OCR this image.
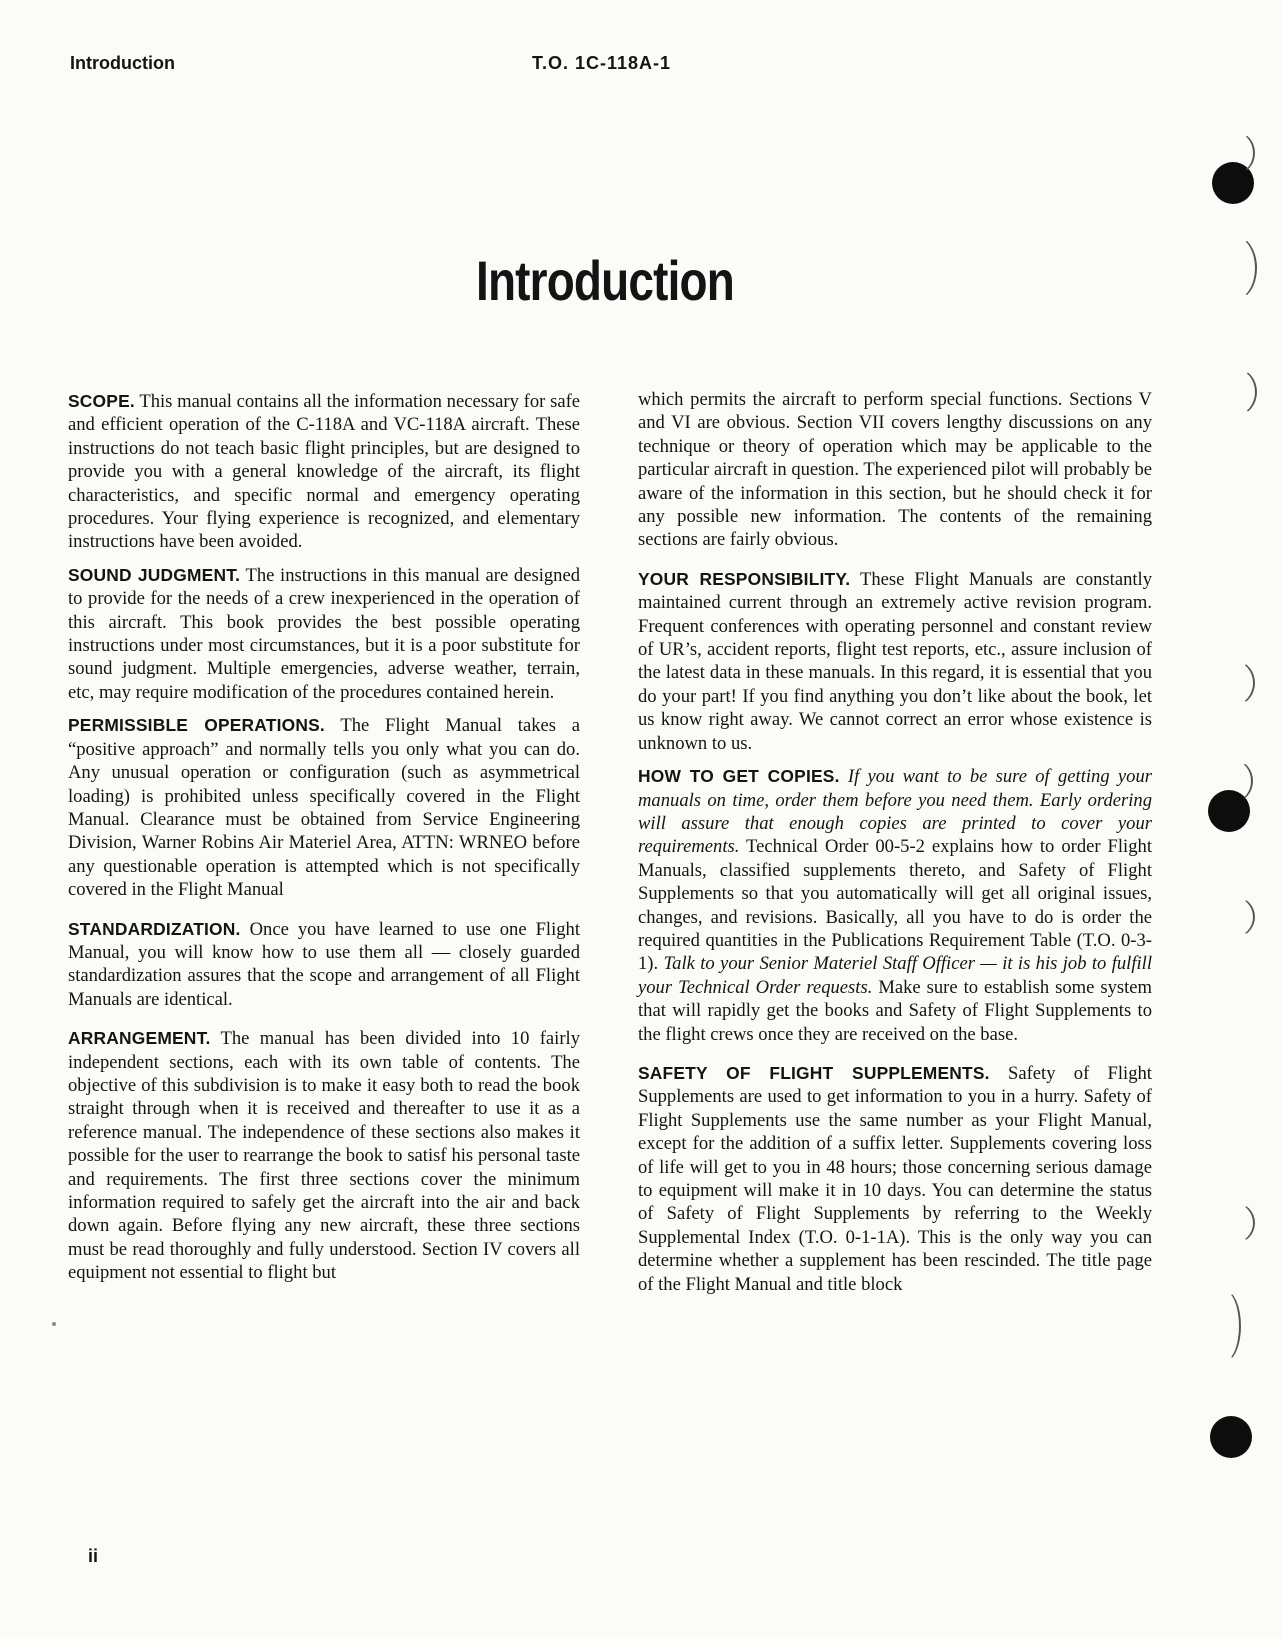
Introduction	T.O. 1C-118A-1
Introduction

SCOPE. This manual contains all the information necessary for safe and efficient operation of the C-118A and VC-118A aircraft. These instructions do not teach basic flight principles, but are designed to provide you with a general knowledge of the aircraft, its flight characteristics, and specific normal and emergency operating procedures. Your flying experience is recognized, and elementary instructions have been avoided.

SOUND JUDGMENT. The instructions in this manual are designed to provide for the needs of a crew inexperienced in the operation of this aircraft. This book provides the best possible operating instructions under most circumstances, but it is a poor substitute for sound judgment. Multiple emergencies, adverse weather, terrain, etc, may require modification of the procedures contained herein.

PERMISSIBLE OPERATIONS. The Flight Manual takes a “positive approach” and normally tells you only what you can do. Any unusual operation or configuration (such as asymmetrical loading) is prohibited unless specifically covered in the Flight Manual. Clearance must be obtained from Service Engineering Division, Warner Robins Air Materiel Area, ATTN: WRNEO before any questionable operation is attempted which is not specifically covered in the Flight Manual

STANDARDIZATION. Once you have learned to use one Flight Manual, you will know how to use them all — closely guarded standardization assures that the scope and arrangement of all Flight Manuals are identical.

ARRANGEMENT. The manual has been divided into 10 fairly independent sections, each with its own table of contents. The objective of this subdivision is to make it easy both to read the book straight through when it is received and thereafter to use it as a reference manual. The independence of these sections also makes it possible for the user to rearrange the book to satisf his personal taste and requirements. The first three sections cover the minimum information required to safely get the aircraft into the air and back down again. Before flying any new aircraft, these three sections must be read thoroughly and fully understood. Section IV covers all equipment not essential to flight but

which permits the aircraft to perform special functions. Sections V and VI are obvious. Section VII covers lengthy discussions on any technique or theory of operation which may be applicable to the particular aircraft in question. The experienced pilot will probably be aware of the information in this section, but he should check it for any possible new information. The contents of the remaining sections are fairly obvious.

YOUR RESPONSIBILITY. These Flight Manuals are constantly maintained current through an extremely active revision program. Frequent conferences with operating personnel and constant review of UR’s, accident reports, flight test reports, etc., assure inclusion of the latest data in these manuals. In this regard, it is essential that you do your part! If you find anything you don’t like about the book, let us know right away. We cannot correct an error whose existence is unknown to us.

HOW TO GET COPIES. If you want to be sure of getting your manuals on time, order them before you need them. Early ordering will assure that enough copies are printed to cover your requirements. Technical Order 00-5-2 explains how to order Flight Manuals, classified supplements thereto, and Safety of Flight Supplements so that you automatically will get all original issues, changes, and revisions. Basically, all you have to do is order the required quantities in the Publications Requirement Table (T.O. 0-3-1). Talk to your Senior Materiel Staff Officer — it is his job to fulfill your Technical Order requests. Make sure to establish some system that will rapidly get the books and Safety of Flight Supplements to the flight crews once they are received on the base.

SAFETY OF FLIGHT SUPPLEMENTS. Safety of Flight Supplements are used to get information to you in a hurry. Safety of Flight Supplements use the same number as your Flight Manual, except for the addition of a suffix letter. Supplements covering loss of life will get to you in 48 hours; those concerning serious damage to equipment will make it in 10 days. You can determine the status of Safety of Flight Supplements by referring to the Weekly Supplemental Index (T.O. 0-1-1A). This is the only way you can determine whether a supplement has been rescinded. The title page of the Flight Manual and title block

ii
